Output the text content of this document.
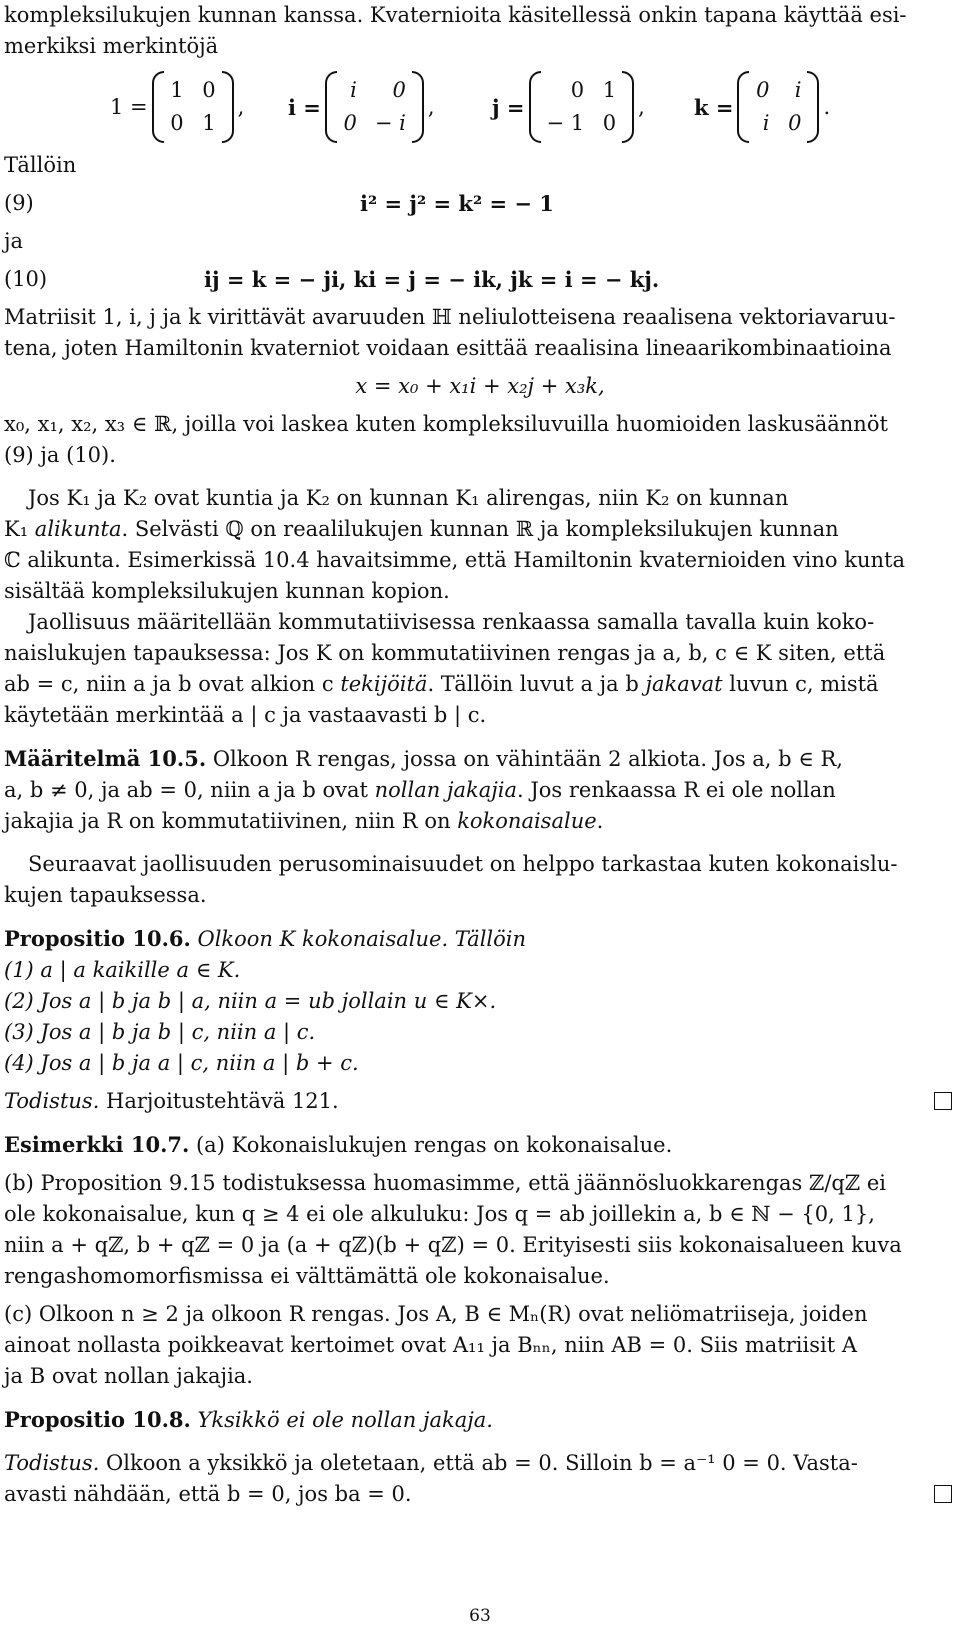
kompleksilukujen kunnan kanssa. Kvaternioita käsitellessä onkin tapana käyttää esi-

merkiksi merkintöjä

1 =
1 0
0 1
, i =
i	0
0 − i
,	j =
0 1
− 1 0
, k =
0	i
i 0
.

Tällöin

(9)	i² = j² = k² = − 1

ja

(10)	ij = k = − ji, ki = j = − ik, jk = i = − kj.

Matriisit 1, i, j ja k virittävät avaruuden ℍ neliulotteisena reaalisena vektoriavaruu-

tena, joten Hamiltonin kvaterniot voidaan esittää reaalisina lineaarikombinaatioina

x = x₀ + x₁i + x₂j + x₃k,

x₀, x₁, x₂, x₃ ∈ ℝ, joilla voi laskea kuten kompleksiluvuilla huomioiden laskusäännöt

(9) ja (10).

Jos K₁ ja K₂ ovat kuntia ja K₂ on kunnan K₁ alirengas, niin K₂ on kunnan

K₁ alikunta. Selvästi ℚ on reaalilukujen kunnan ℝ ja kompleksilukujen kunnan

ℂ alikunta. Esimerkissä 10.4 havaitsimme, että Hamiltonin kvaternioiden vino kunta

sisältää kompleksilukujen kunnan kopion.

Jaollisuus määritellään kommutatiivisessa renkaassa samalla tavalla kuin koko-

naislukujen tapauksessa: Jos K on kommutatiivinen rengas ja a, b, c ∈ K siten, että

ab = c, niin a ja b ovat alkion c tekijöitä. Tällöin luvut a ja b jakavat luvun c, mistä

käytetään merkintää a | c ja vastaavasti b | c.

Määritelmä 10.5. Olkoon R rengas, jossa on vähintään 2 alkiota. Jos a, b ∈ R,

a, b ≠ 0, ja ab = 0, niin a ja b ovat nollan jakajia. Jos renkaassa R ei ole nollan

jakajia ja R on kommutatiivinen, niin R on kokonaisalue.

Seuraavat jaollisuuden perusominaisuudet on helppo tarkastaa kuten kokonaislu-

kujen tapauksessa.

Propositio 10.6. Olkoon K kokonaisalue. Tällöin

(1) a | a kaikille a ∈ K.

(2) Jos a | b ja b | a, niin a = ub jollain u ∈ K×.

(3) Jos a | b ja b | c, niin a | c.

(4) Jos a | b ja a | c, niin a | b + c.

Todistus. Harjoitustehtävä 121.

Esimerkki 10.7. (a) Kokonaislukujen rengas on kokonaisalue.

(b) Proposition 9.15 todistuksessa huomasimme, että jäännösluokkarengas ℤ/qℤ ei

ole kokonaisalue, kun q ≥ 4 ei ole alkuluku: Jos q = ab joillekin a, b ∈ ℕ − {0, 1},

niin a + qℤ, b + qℤ = 0 ja (a + qℤ)(b + qℤ) = 0. Erityisesti siis kokonaisalueen kuva

rengashomomorfismissa ei välttämättä ole kokonaisalue.

(c) Olkoon n ≥ 2 ja olkoon R rengas. Jos A, B ∈ Mₙ(R) ovat neliömatriiseja, joiden

ainoat nollasta poikkeavat kertoimet ovat A₁₁ ja Bₙₙ, niin AB = 0. Siis matriisit A

ja B ovat nollan jakajia.

Propositio 10.8. Yksikkö ei ole nollan jakaja.

Todistus. Olkoon a yksikkö ja oletetaan, että ab = 0. Silloin b = a⁻¹ 0 = 0. Vasta-

avasti nähdään, että b = 0, jos ba = 0.
63
